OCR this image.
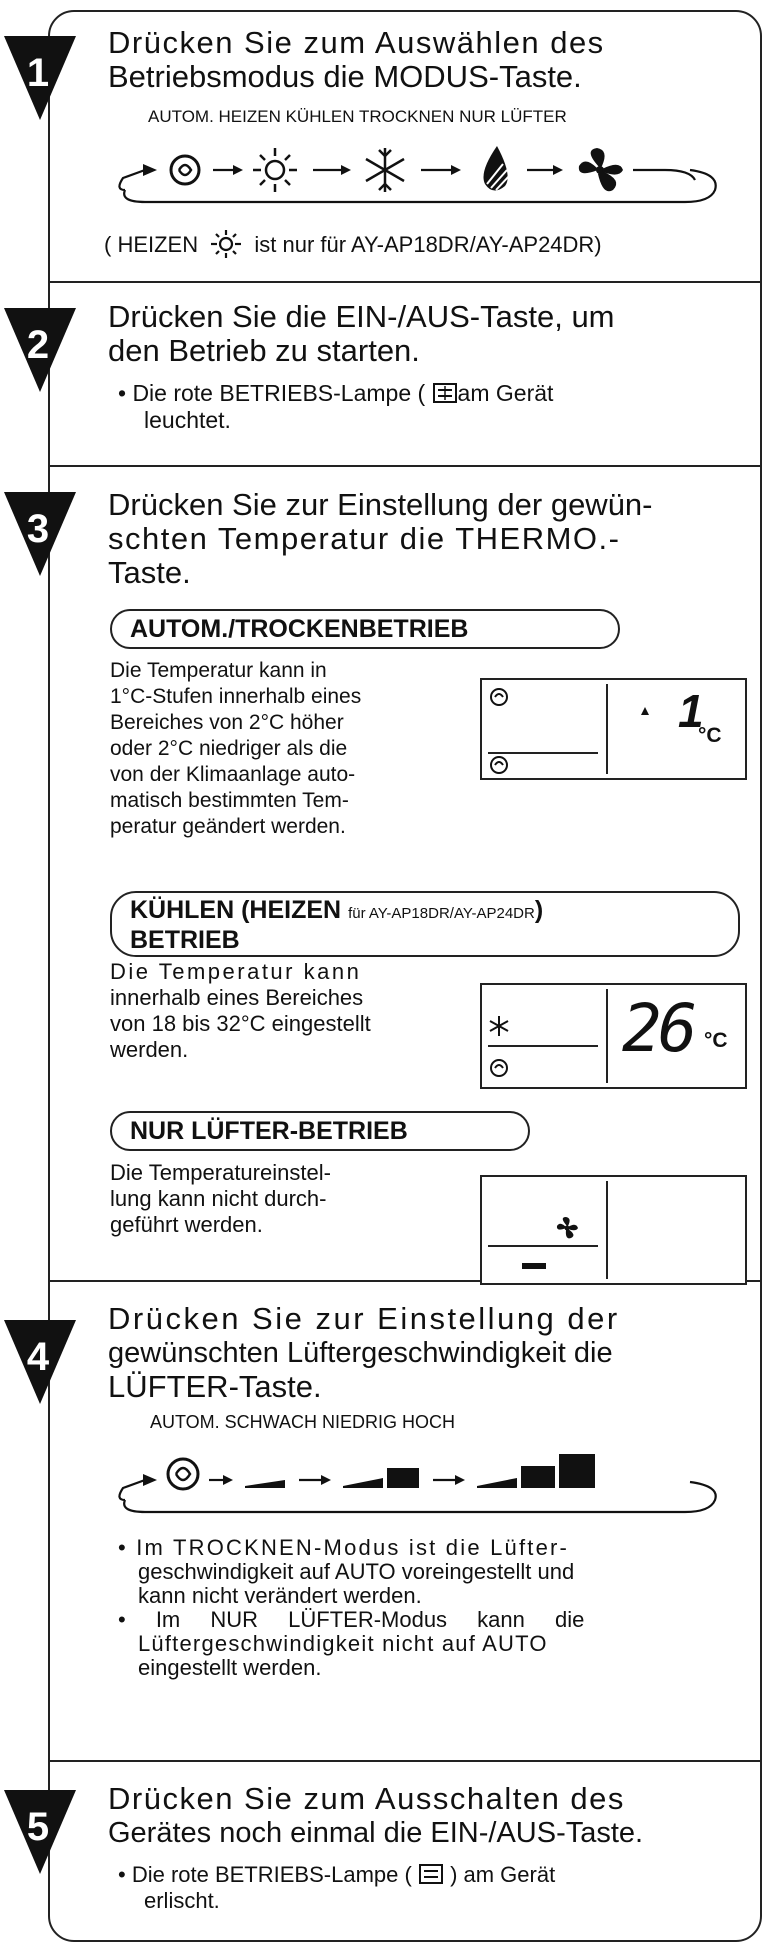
1
Drücken Sie zum Auswählen des
Betriebsmodus die MODUS-Taste.
AUTOM. HEIZEN KÜHLEN TROCKNEN NUR LÜFTER
( HEIZEN	ist nur für AY-AP18DR/AY-AP24DR)
2
Drücken Sie die EIN-/AUS-Taste, um
den Betrieb zu starten.
• Die rote BETRIEBS-Lampe ( am Gerät
leuchtet.
3
Drücken Sie zur Einstellung der gewün-
schten Temperatur die THERMO.-
Taste.
AUTOM./TROCKENBETRIEB
Die Temperatur kann in
1°C-Stufen innerhalb eines
Bereiches von 2°C höher
oder 2°C niedriger als die
von der Klimaanlage auto-
matisch bestimmten Tem-
peratur geändert werden.
1
°C
KÜHLEN (HEIZEN für AY-AP18DR/AY-AP24DR)
BETRIEB
Die Temperatur kann
innerhalb eines Bereiches
von 18 bis 32°C eingestellt
werden.	26 °C
NUR LÜFTER-BETRIEB
Die Temperatureinstel-
lung kann nicht durch-
geführt werden.
4
Drücken Sie zur Einstellung der
gewünschten Lüftergeschwindigkeit die
LÜFTER-Taste.
AUTOM. SCHWACH NIEDRIG HOCH
• Im TROCKNEN-Modus ist die Lüfter-
geschwindigkeit auf AUTO voreingestellt und
kann nicht verändert werden.
• Im NUR LÜFTER-Modus kann die
Lüftergeschwindigkeit nicht auf AUTO
eingestellt werden.
5
Drücken Sie zum Ausschalten des
Gerätes noch einmal die EIN-/AUS-Taste.
• Die rote BETRIEBS-Lampe ( ) am Gerät
erlischt.
